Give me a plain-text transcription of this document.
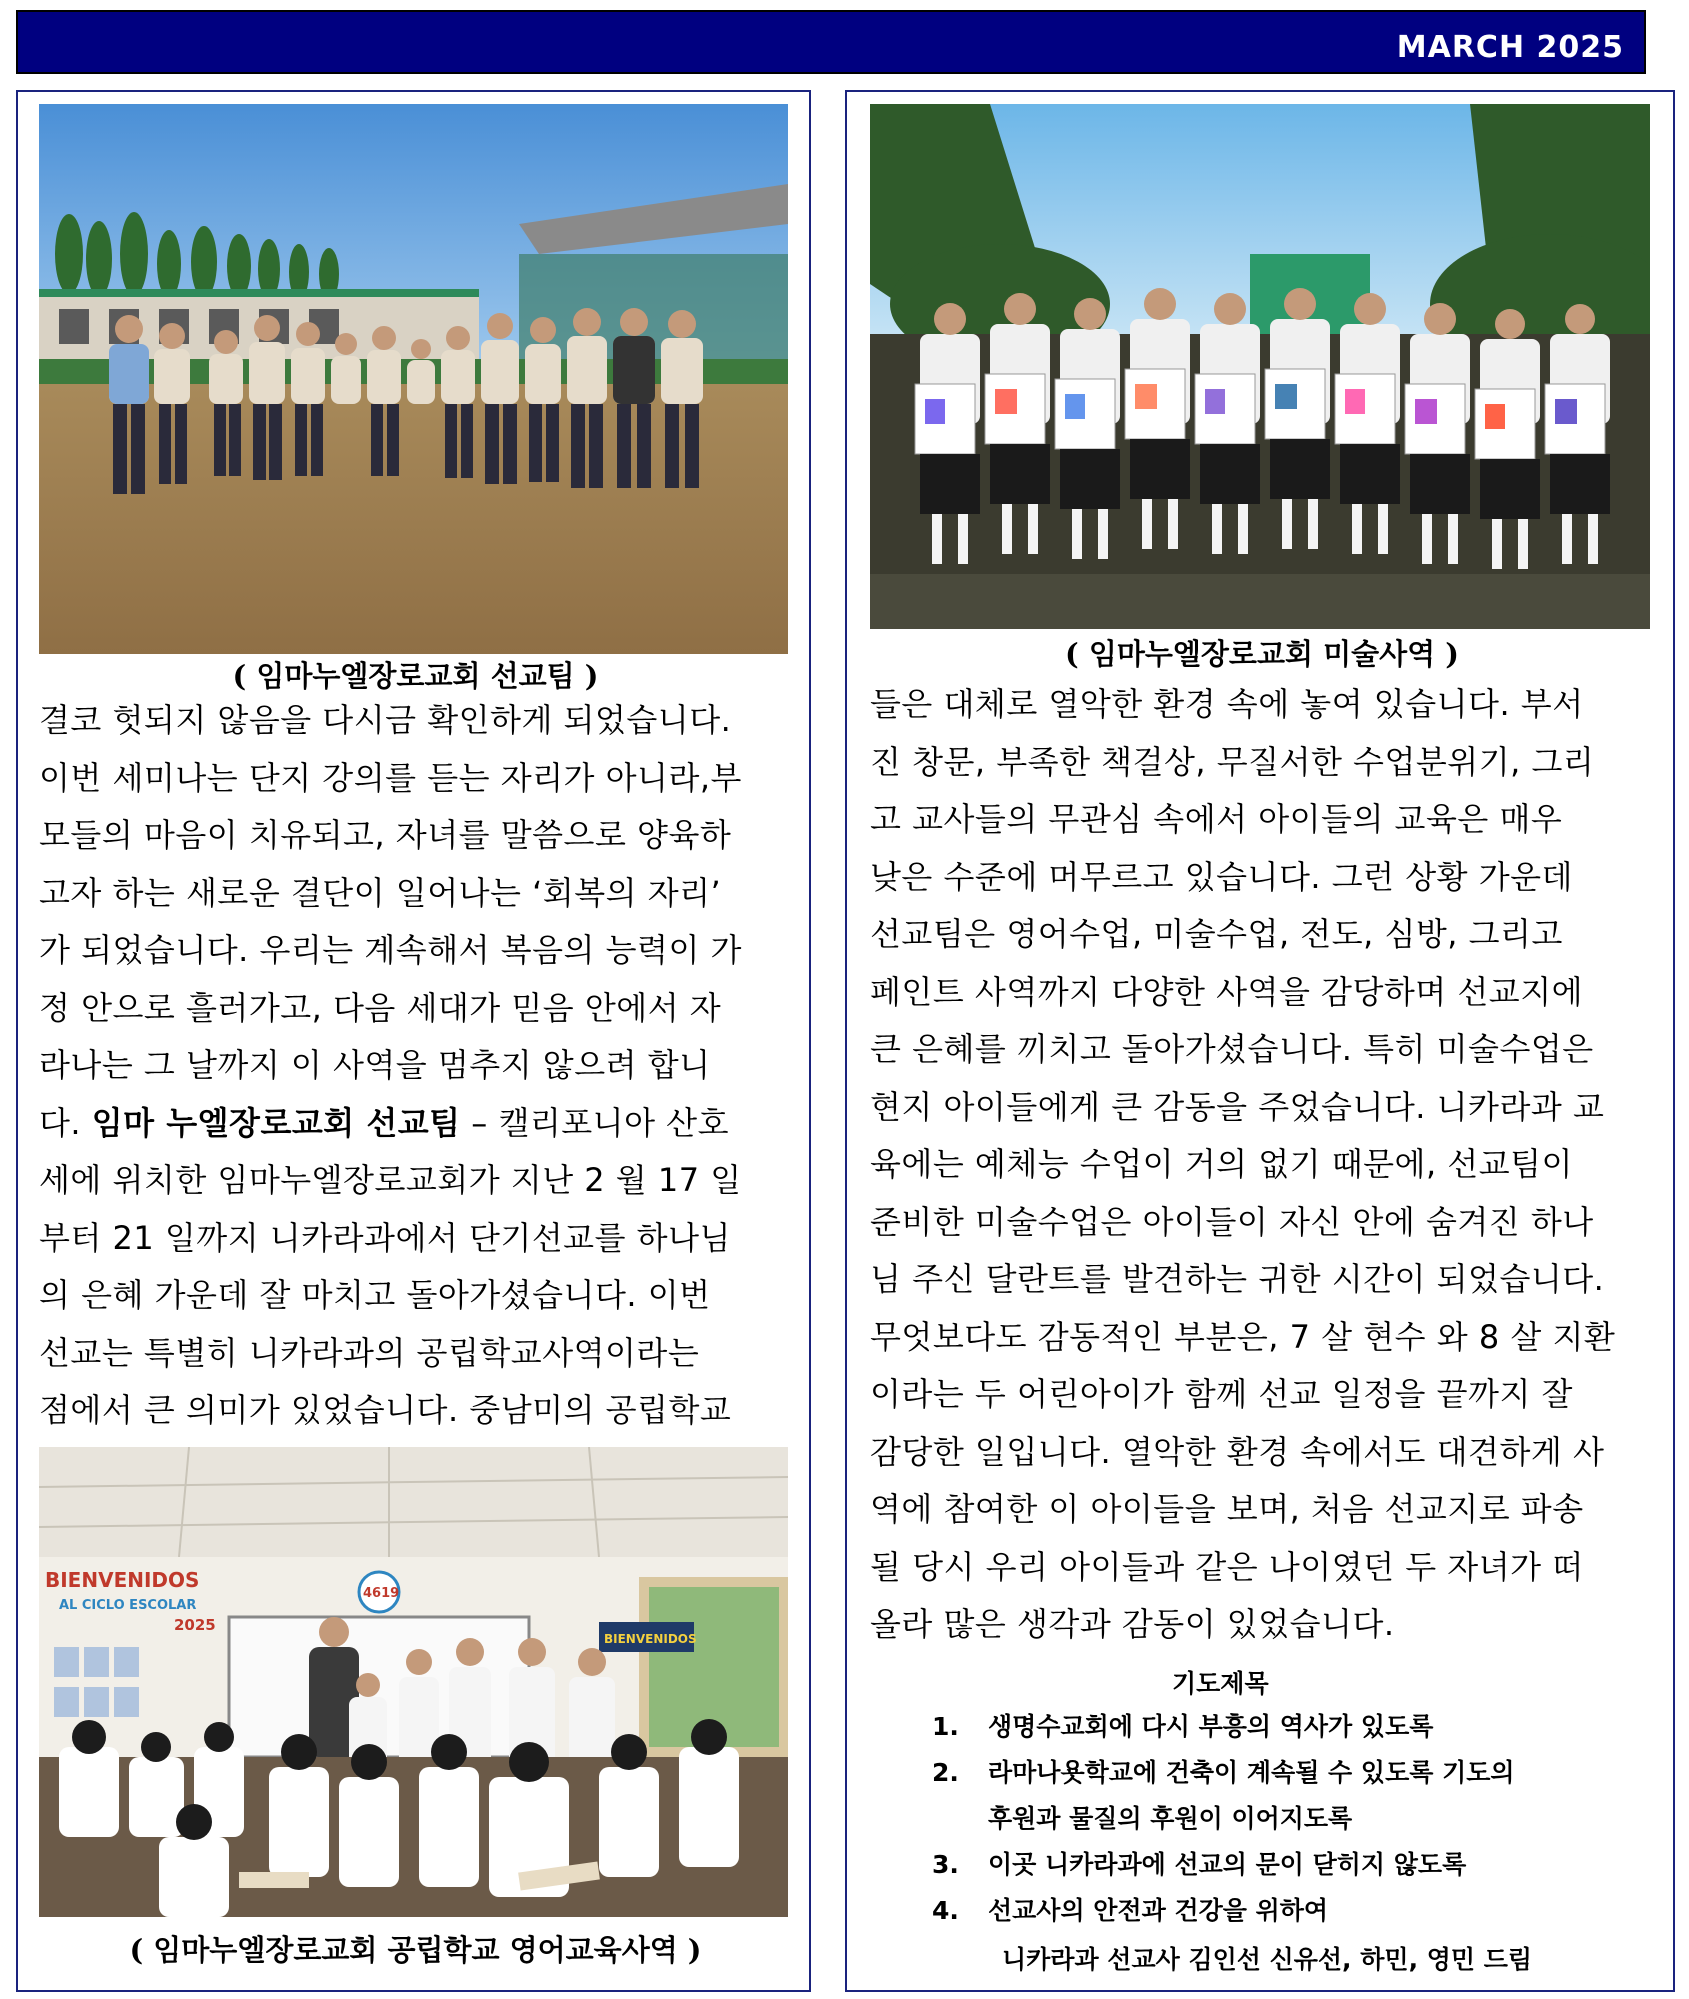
MARCH 2025
( 임마누엘장로교회 선교팀 )

결코 헛되지 않음을 다시금 확인하게 되었습니다.

이번 세미나는 단지 강의를 듣는 자리가 아니라,부

모들의 마음이 치유되고, 자녀를 말씀으로 양육하

고자 하는 새로운 결단이 일어나는 ‘회복의 자리’

가 되었습니다. 우리는 계속해서 복음의 능력이 가

정 안으로 흘러가고, 다음 세대가 믿음 안에서 자

라나는 그 날까지 이 사역을 멈추지 않으려 합니

다. 임마 누엘장로교회 선교팀 – 캘리포니아 산호

세에 위치한 임마누엘장로교회가 지난 2 월 17 일

부터 21 일까지 니카라과에서 단기선교를 하나님

의 은혜 가운데 잘 마치고 돌아가셨습니다. 이번

선교는 특별히 니카라과의 공립학교사역이라는

점에서 큰 의미가 있었습니다. 중남미의 공립학교

BIENVENIDOS
AL CICLO ESCOLAR
2025
4619
BIENVENIDOS
( 임마누엘장로교회 공립학교 영어교육사역 )
( 임마누엘장로교회 미술사역 )

들은 대체로 열악한 환경 속에 놓여 있습니다. 부서

진 창문, 부족한 책걸상, 무질서한 수업분위기, 그리

고 교사들의 무관심 속에서 아이들의 교육은 매우

낮은 수준에 머무르고 있습니다. 그런 상황 가운데

선교팀은 영어수업, 미술수업, 전도, 심방, 그리고

페인트 사역까지 다양한 사역을 감당하며 선교지에

큰 은혜를 끼치고 돌아가셨습니다. 특히 미술수업은

현지 아이들에게 큰 감동을 주었습니다. 니카라과 교

육에는 예체능 수업이 거의 없기 때문에, 선교팀이

준비한 미술수업은 아이들이 자신 안에 숨겨진 하나

님 주신 달란트를 발견하는 귀한 시간이 되었습니다.

무엇보다도 감동적인 부분은, 7 살 현수 와 8 살 지환

이라는 두 어린아이가 함께 선교 일정을 끝까지 잘

감당한 일입니다. 열악한 환경 속에서도 대견하게 사

역에 참여한 이 아이들을 보며, 처음 선교지로 파송

될 당시 우리 아이들과 같은 나이였던 두 자녀가 떠

올라 많은 생각과 감동이 있었습니다.

기도제목
1. 생명수교회에 다시 부흥의 역사가 있도록
2. 라마나욧학교에 건축이 계속될 수 있도록 기도의
후원과 물질의 후원이 이어지도록
3. 이곳 니카라과에 선교의 문이 닫히지 않도록
4. 선교사의 안전과 건강을 위하여
니카라과 선교사 김인선 신유선, 하민, 영민 드림
